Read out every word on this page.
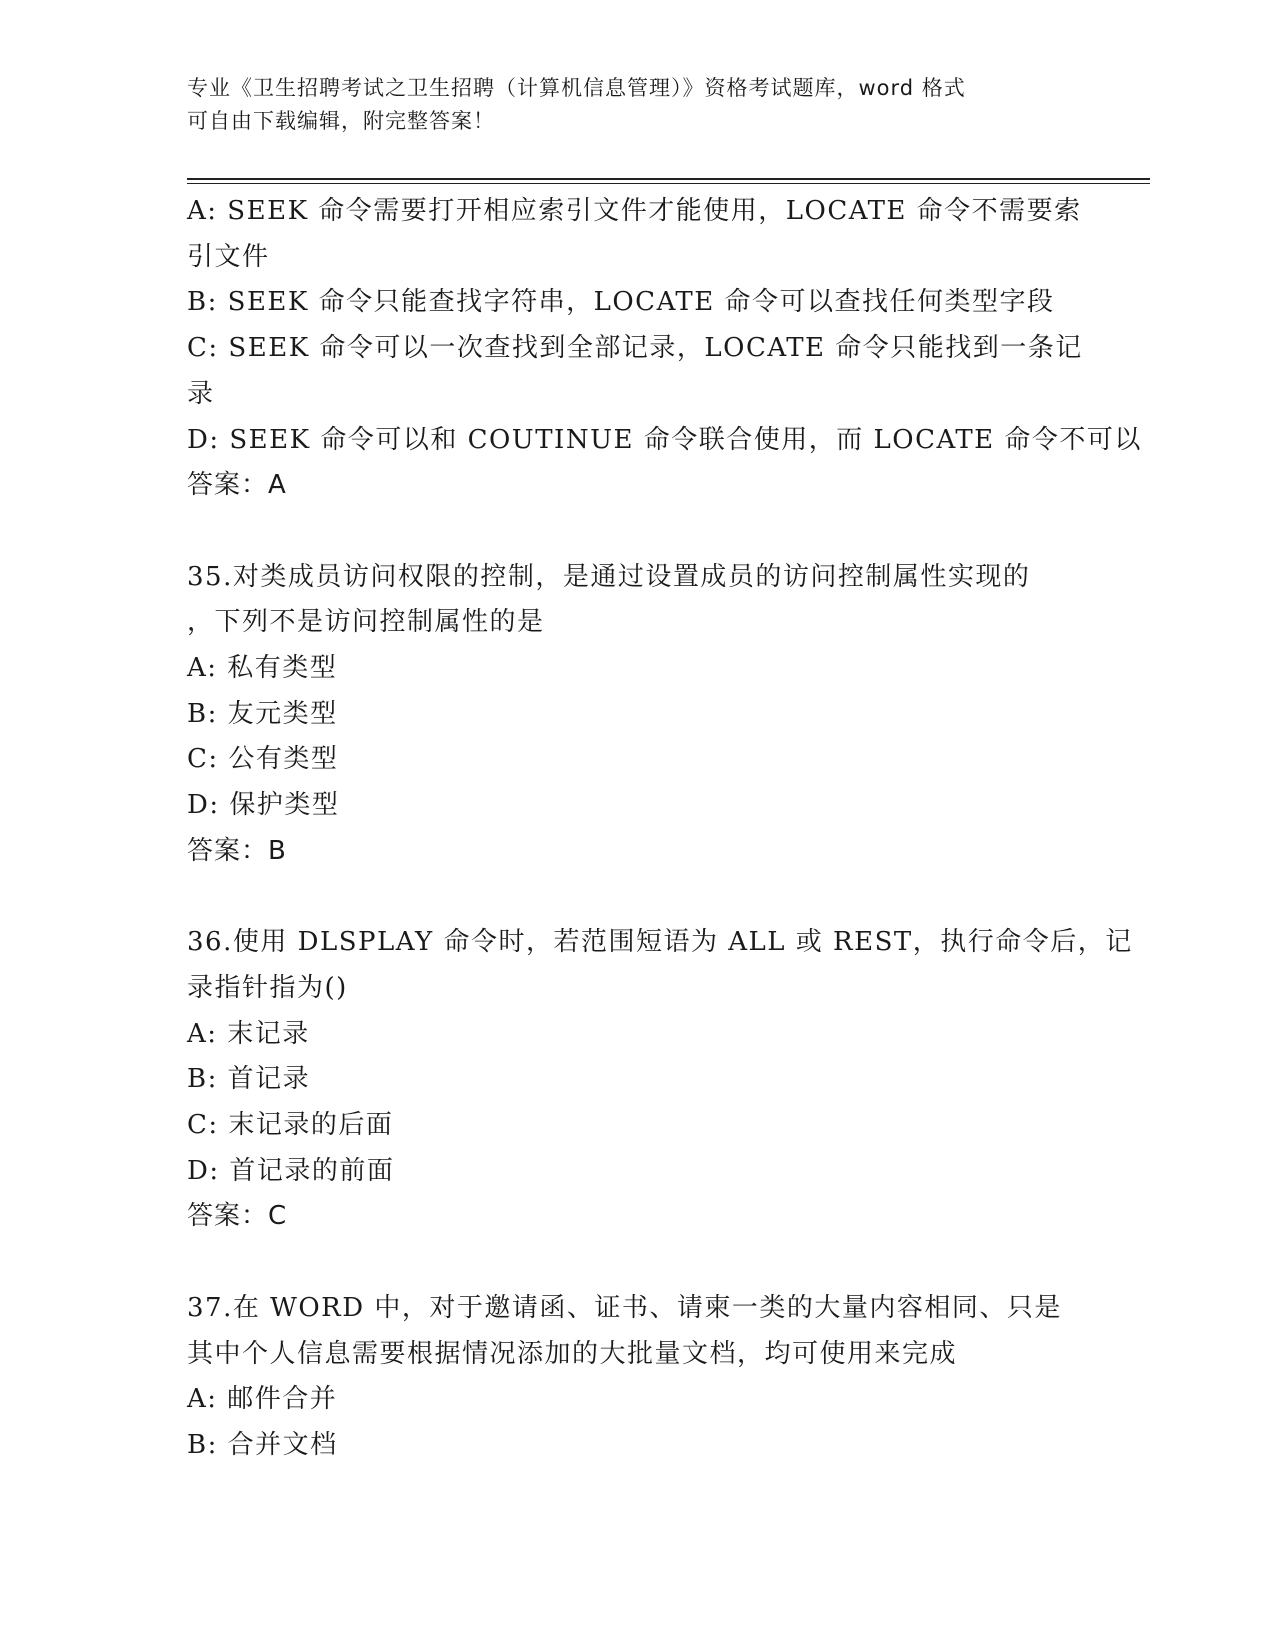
专业《卫生招聘考试之卫生招聘（计算机信息管理）》资格考试题库，word 格式
可自由下载编辑，附完整答案！
A: SEEK 命令需要打开相应索引文件才能使用，LOCATE 命令不需要索
引文件
B: SEEK 命令只能查找字符串，LOCATE 命令可以查找任何类型字段
C: SEEK 命令可以一次查找到全部记录，LOCATE 命令只能找到一条记
录
D: SEEK 命令可以和 COUTINUE 命令联合使用，而 LOCATE 命令不可以
答案：A
35.对类成员访问权限的控制，是通过设置成员的访问控制属性实现的
，下列不是访问控制属性的是
A: 私有类型
B: 友元类型
C: 公有类型
D: 保护类型
答案：B
36.使用 DLSPLAY 命令时，若范围短语为 ALL 或 REST，执行命令后，记
录指针指为()
A: 末记录
B: 首记录
C: 末记录的后面
D: 首记录的前面
答案：C
37.在 WORD 中，对于邀请函、证书、请柬一类的大量内容相同、只是
其中个人信息需要根据情况添加的大批量文档，均可使用来完成
A: 邮件合并
B: 合并文档
